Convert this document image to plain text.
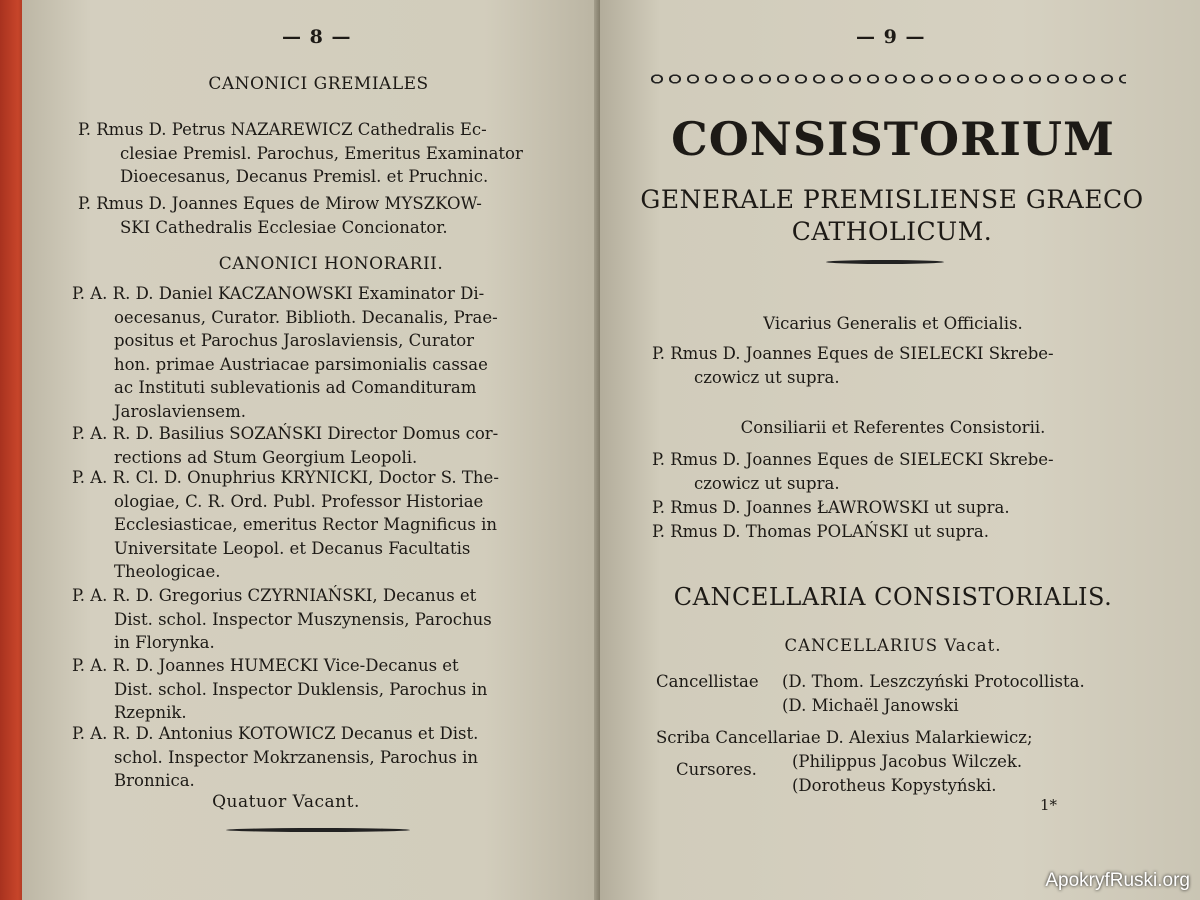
— 8 —
CANONICI GREMIALES
P. Rmus D. Petrus NAZAREWICZ Cathedralis Ec-
clesiae Premisl. Parochus, Emeritus Examinator
Dioecesanus, Decanus Premisl. et Pruchnic.
P. Rmus D. Joannes Eques de Mirow MYSZKOW-
SKI Cathedralis Ecclesiae Concionator.
CANONICI HONORARII.
P. A. R. D. Daniel KACZANOWSKI Examinator Di-
oecesanus, Curator. Biblioth. Decanalis, Prae-
positus et Parochus Jaroslaviensis, Curator
hon. primae Austriacae parsimonialis cassae
ac Instituti sublevationis ad Comandituram
Jaroslaviensem.
P. A. R. D. Basilius SOZAŃSKI Director Domus cor-
rections ad Stum Georgium Leopoli.
P. A. R. Cl. D. Onuphrius KRYNICKI, Doctor S. The-
ologiae, C. R. Ord. Publ. Professor Historiae
Ecclesiasticae, emeritus Rector Magnificus in
Universitate Leopol. et Decanus Facultatis
Theologicae.
P. A. R. D. Gregorius CZYRNIAŃSKI, Decanus et
Dist. schol. Inspector Muszynensis, Parochus
in Florynka.
P. A. R. D. Joannes HUMECKI Vice-Decanus et
Dist. schol. Inspector Duklensis, Parochus in
Rzepnik.
P. A. R. D. Antonius KOTOWICZ Decanus et Dist.
schol. Inspector Mokrzanensis, Parochus in
Bronnica.
Quatuor Vacant.
— 9 —
CONSISTORIUM
GENERALE PREMISLIENSE GRAECO
CATHOLICUM.
Vicarius Generalis et Officialis.
P. Rmus D. Joannes Eques de SIELECKI Skrebe-
czowicz ut supra.
Consiliarii et Referentes Consistorii.
P. Rmus D. Joannes Eques de SIELECKI Skrebe-
czowicz ut supra.
P. Rmus D. Joannes ŁAWROWSKI ut supra.
P. Rmus D. Thomas POLAŃSKI ut supra.
CANCELLARIA CONSISTORIALIS.
CANCELLARIUS Vacat.
Cancellistae (D. Thom. Leszczyński Protocollista.
(D. Michaël Janowski
Scriba Cancellariae D. Alexius Malarkiewicz;
Cursores. (Philippus Jacobus Wilczek.
(Dorotheus Kopystyński.
1*
ApokryfRuski.org
